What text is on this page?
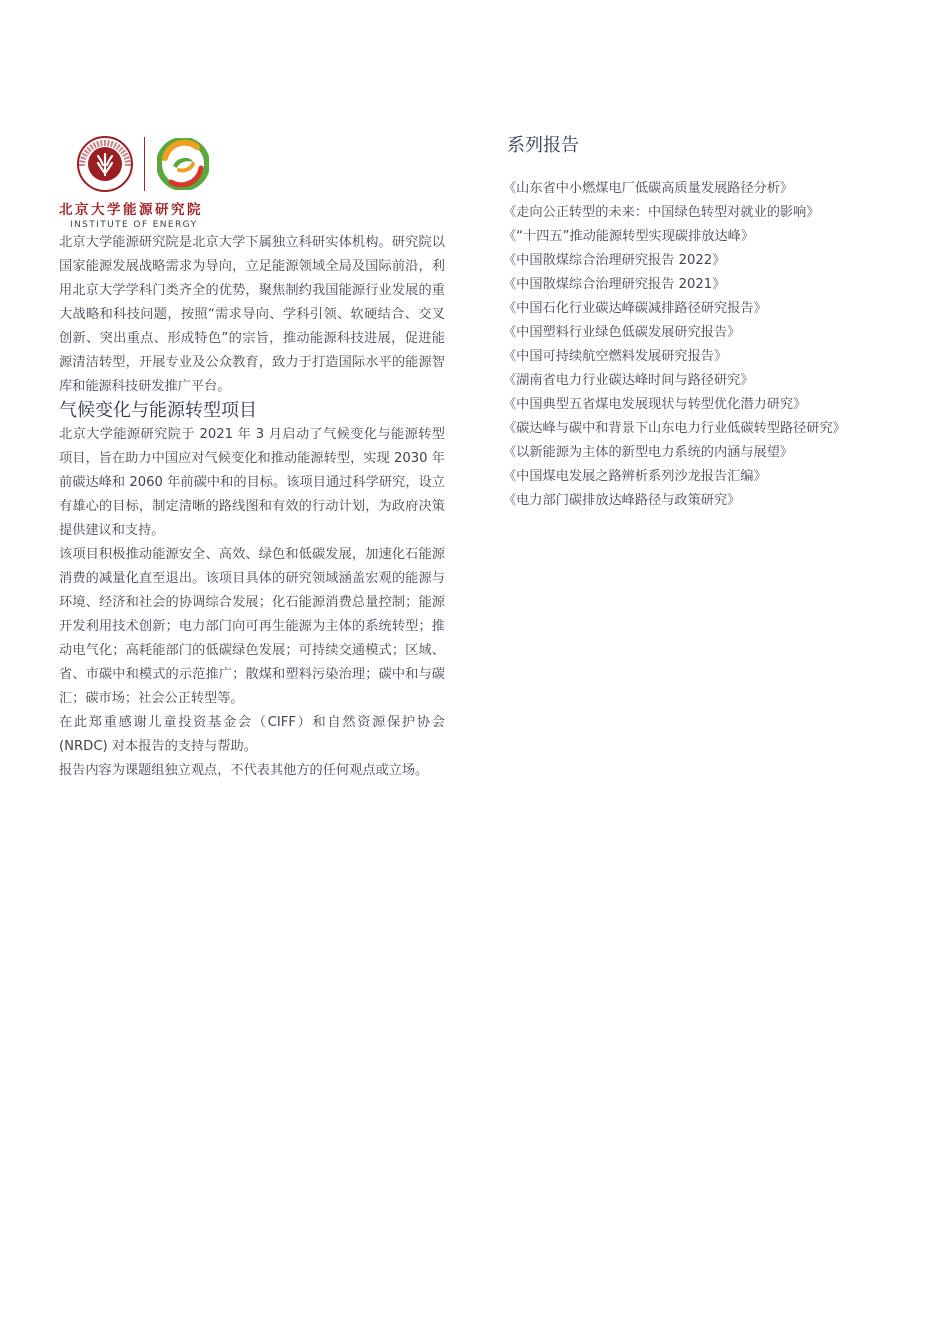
北京大学能源研究院
INSTITUTE OF ENERGY

北京大学能源研究院是北京大学下属独立科研实体机构。研究院以国家能源发展战略需求为导向，立足能源领域全局及国际前沿，利用北京大学学科门类齐全的优势，聚焦制约我国能源行业发展的重大战略和科技问题，按照“需求导向、学科引领、软硬结合、交叉创新、突出重点、形成特色”的宗旨，推动能源科技进展，促进能源清洁转型，开展专业及公众教育，致力于打造国际水平的能源智库和能源科技研发推广平台。

气候变化与能源转型项目

北京大学能源研究院于 2021 年 3 月启动了气候变化与能源转型项目，旨在助力中国应对气候变化和推动能源转型，实现 2030 年前碳达峰和 2060 年前碳中和的目标。该项目通过科学研究，设立有雄心的目标，制定清晰的路线图和有效的行动计划，为政府决策提供建议和支持。

该项目积极推动能源安全、高效、绿色和低碳发展，加速化石能源消费的减量化直至退出。该项目具体的研究领域涵盖宏观的能源与环境、经济和社会的协调综合发展；化石能源消费总量控制；能源开发利用技术创新；电力部门向可再生能源为主体的系统转型；推动电气化；高耗能部门的低碳绿色发展；可持续交通模式；区域、省、市碳中和模式的示范推广；散煤和塑料污染治理；碳中和与碳汇；碳市场；社会公正转型等。

在此郑重感谢儿童投资基金会（CIFF）和自然资源保护协会 (NRDC) 对本报告的支持与帮助。

报告内容为课题组独立观点，不代表其他方的任何观点或立场。

系列报告
《山东省中小燃煤电厂低碳高质量发展路径分析》
《走向公正转型的未来：中国绿色转型对就业的影响》
《“十四五”推动能源转型实现碳排放达峰》
《中国散煤综合治理研究报告 2022》
《中国散煤综合治理研究报告 2021》
《中国石化行业碳达峰碳减排路径研究报告》
《中国塑料行业绿色低碳发展研究报告》
《中国可持续航空燃料发展研究报告》
《湖南省电力行业碳达峰时间与路径研究》
《中国典型五省煤电发展现状与转型优化潜力研究》
《碳达峰与碳中和背景下山东电力行业低碳转型路径研究》
《以新能源为主体的新型电力系统的内涵与展望》
《中国煤电发展之路辨析系列沙龙报告汇编》
《电力部门碳排放达峰路径与政策研究》
